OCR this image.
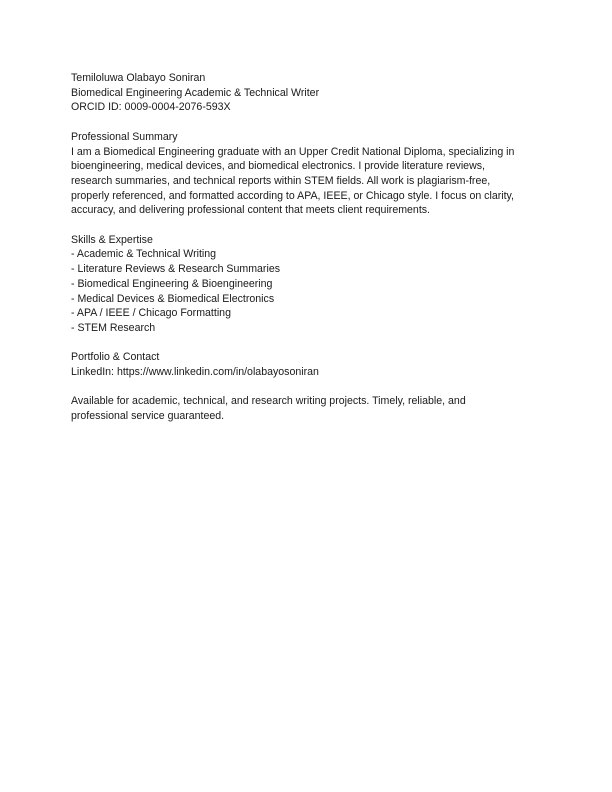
Temiloluwa Olabayo Soniran
Biomedical Engineering Academic & Technical Writer
ORCID ID: 0009-0004-2076-593X
Professional Summary
I am a Biomedical Engineering graduate with an Upper Credit National Diploma, specializing in
bioengineering, medical devices, and biomedical electronics. I provide literature reviews,
research summaries, and technical reports within STEM fields. All work is plagiarism-free,
properly referenced, and formatted according to APA, IEEE, or Chicago style. I focus on clarity,
accuracy, and delivering professional content that meets client requirements.
Skills & Expertise
- Academic & Technical Writing
- Literature Reviews & Research Summaries
- Biomedical Engineering & Bioengineering
- Medical Devices & Biomedical Electronics
- APA / IEEE / Chicago Formatting
- STEM Research
Portfolio & Contact
LinkedIn: https://www.linkedin.com/in/olabayosoniran
Available for academic, technical, and research writing projects. Timely, reliable, and
professional service guaranteed.
